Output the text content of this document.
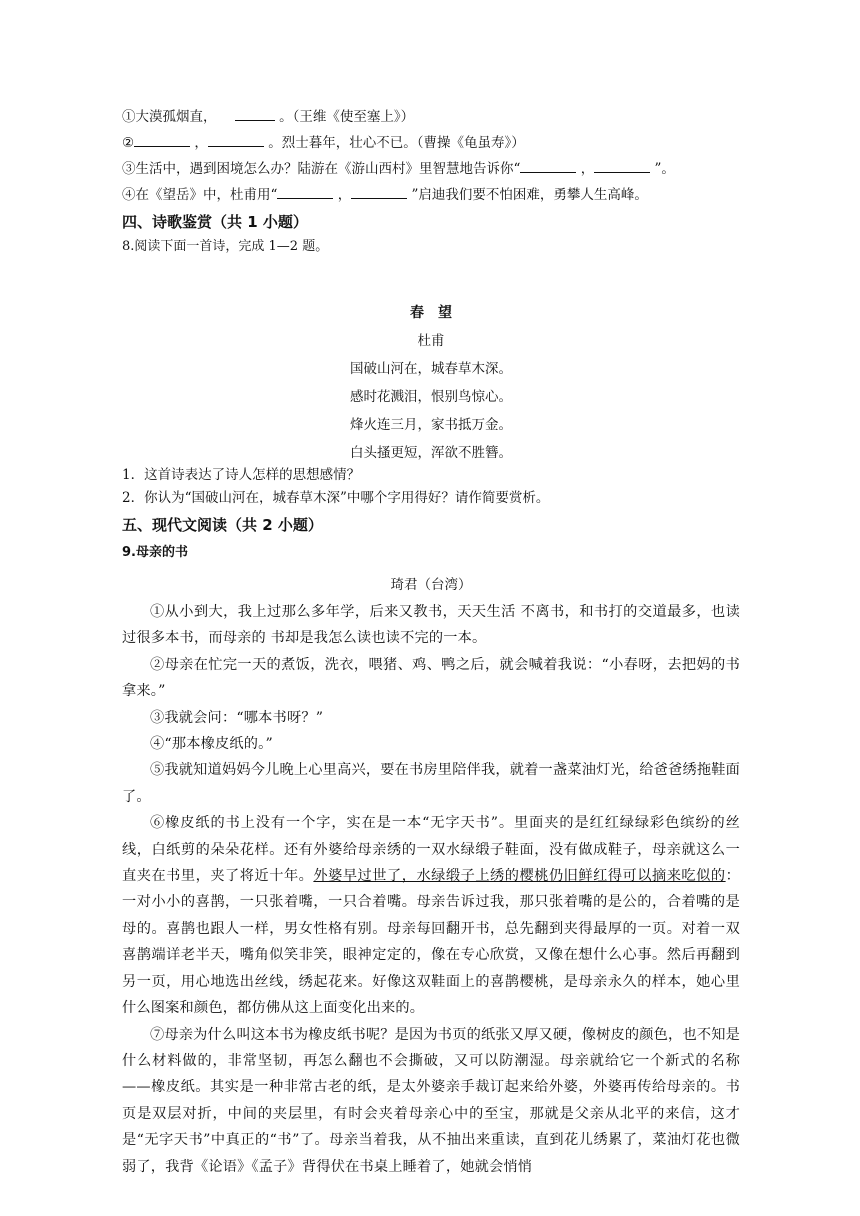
①大漠孤烟直，	。（王维《使至塞上》）
②	，	。烈士暮年，壮心不已。（曹操《龟虽寿》）
③生活中，遇到困境怎么办？陆游在《游山西村》里智慧地告诉你“	，	”。
④在《望岳》中，杜甫用“	，	”启迪我们要不怕困难，勇攀人生高峰。
四、诗歌鉴赏（共 1 小题）
8.阅读下面一首诗，完成 1—2 题。
春望
杜甫
国破山河在，城春草木深。
感时花溅泪，恨别鸟惊心。
烽火连三月，家书抵万金。
白头搔更短，浑欲不胜簪。
1．这首诗表达了诗人怎样的思想感情？
2．你认为“国破山河在，城春草木深”中哪个字用得好？请作简要赏析。
五、现代文阅读（共 2 小题）
9.母亲的书
琦君（台湾）

①从小到大，我上过那么多年学，后来又教书，天天生活 不离书，和书打的交道最多，也读过很多本书，而母亲的 书却是我怎么读也读不完的一本。

②母亲在忙完一天的煮饭，洗衣，喂猪、鸡、鸭之后，就会喊着我说：“小春呀，去把妈的书拿来。”

③我就会问：“哪本书呀？”

④“那本橡皮纸的。”

⑤我就知道妈妈今儿晚上心里高兴，要在书房里陪伴我，就着一盏菜油灯光，给爸爸绣拖鞋面了。

⑥橡皮纸的书上没有一个字，实在是一本“无字天书”。里面夹的是红红绿绿彩色缤纷的丝线，白纸剪的朵朵花样。还有外婆给母亲绣的一双水绿缎子鞋面，没有做成鞋子，母亲就这么一直夹在书里，夹了将近十年。外婆早过世了，水绿缎子上绣的樱桃仍旧鲜红得可以摘来吃似的：一对小小的喜鹊，一只张着嘴，一只合着嘴。母亲告诉过我，那只张着嘴的是公的，合着嘴的是母的。喜鹊也跟人一样，男女性格有别。母亲每回翻开书，总先翻到夹得最厚的一页。对着一双喜鹊端详老半天，嘴角似笑非笑，眼神定定的，像在专心欣赏，又像在想什么心事。然后再翻到另一页，用心地选出丝线，绣起花来。好像这双鞋面上的喜鹊樱桃，是母亲永久的样本，她心里什么图案和颜色，都仿佛从这上面变化出来的。

⑦母亲为什么叫这本书为橡皮纸书呢？是因为书页的纸张又厚又硬，像树皮的颜色，也不知是什么材料做的，非常坚韧，再怎么翻也不会撕破，又可以防潮湿。母亲就给它一个新式的名称——橡皮纸。其实是一种非常古老的纸，是太外婆亲手裁订起来给外婆，外婆再传给母亲的。书页是双层对折，中间的夹层里，有时会夹着母亲心中的至宝，那就是父亲从北平的来信，这才是“无字天书”中真正的“书”了。母亲当着我，从不抽出来重读，直到花儿绣累了，菜油灯花也微弱了，我背《论语》《孟子》背得伏在书桌上睡着了，她就会悄悄
